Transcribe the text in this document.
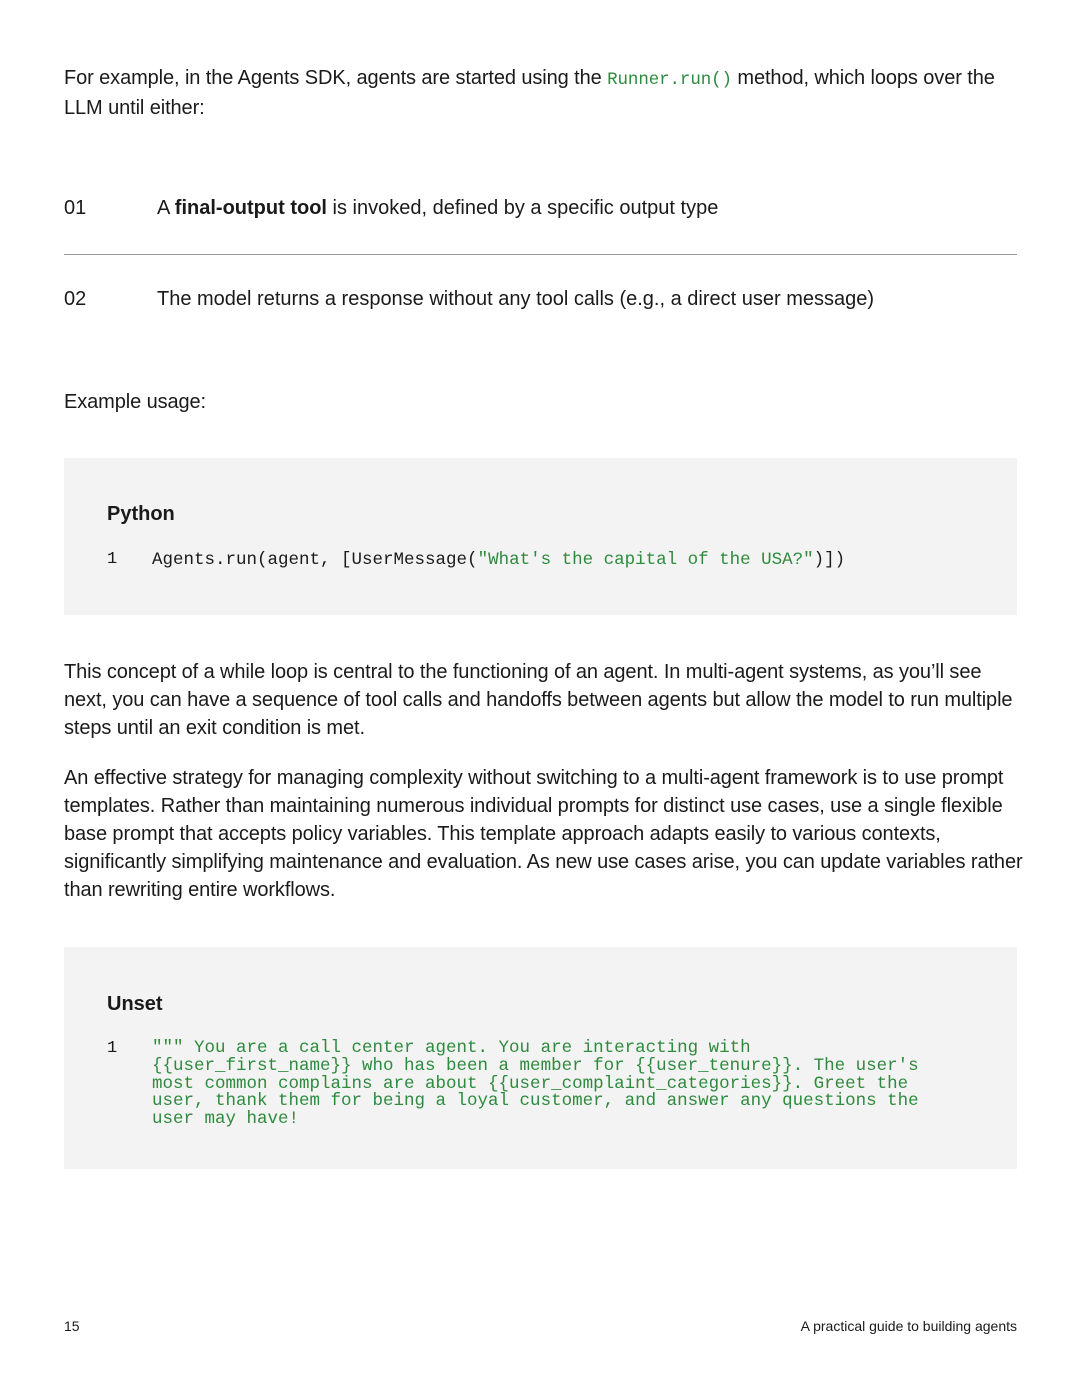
For example, in the Agents SDK, agents are started using the Runner.run() method, which loops over the LLM until either:

01	A final-output tool is invoked, defined by a specific output type
02	The model returns a response without any tool calls (e.g., a direct user message)

Example usage:

Python
1 Agents.run(agent, [UserMessage("What's the capital of the USA?")])

This concept of a while loop is central to the functioning of an agent. In multi-agent systems, as you’ll see next, you can have a sequence of tool calls and handoffs between agents but allow the model to run multiple steps until an exit condition is met.

An effective strategy for managing complexity without switching to a multi-agent framework is to use prompt templates. Rather than maintaining numerous individual prompts for distinct use cases, use a single flexible base prompt that accepts policy variables. This template approach adapts easily to various contexts, significantly simplifying maintenance and evaluation. As new use cases arise, you can update variables rather than rewriting entire workflows.

Unset
1 """ You are a call center agent. You are interacting with
{{user_first_name}} who has been a member for {{user_tenure}}. The user's
most common complains are about {{user_complaint_categories}}. Greet the
user, thank them for being a loyal customer, and answer any questions the
user may have!
15	A practical guide to building agents
